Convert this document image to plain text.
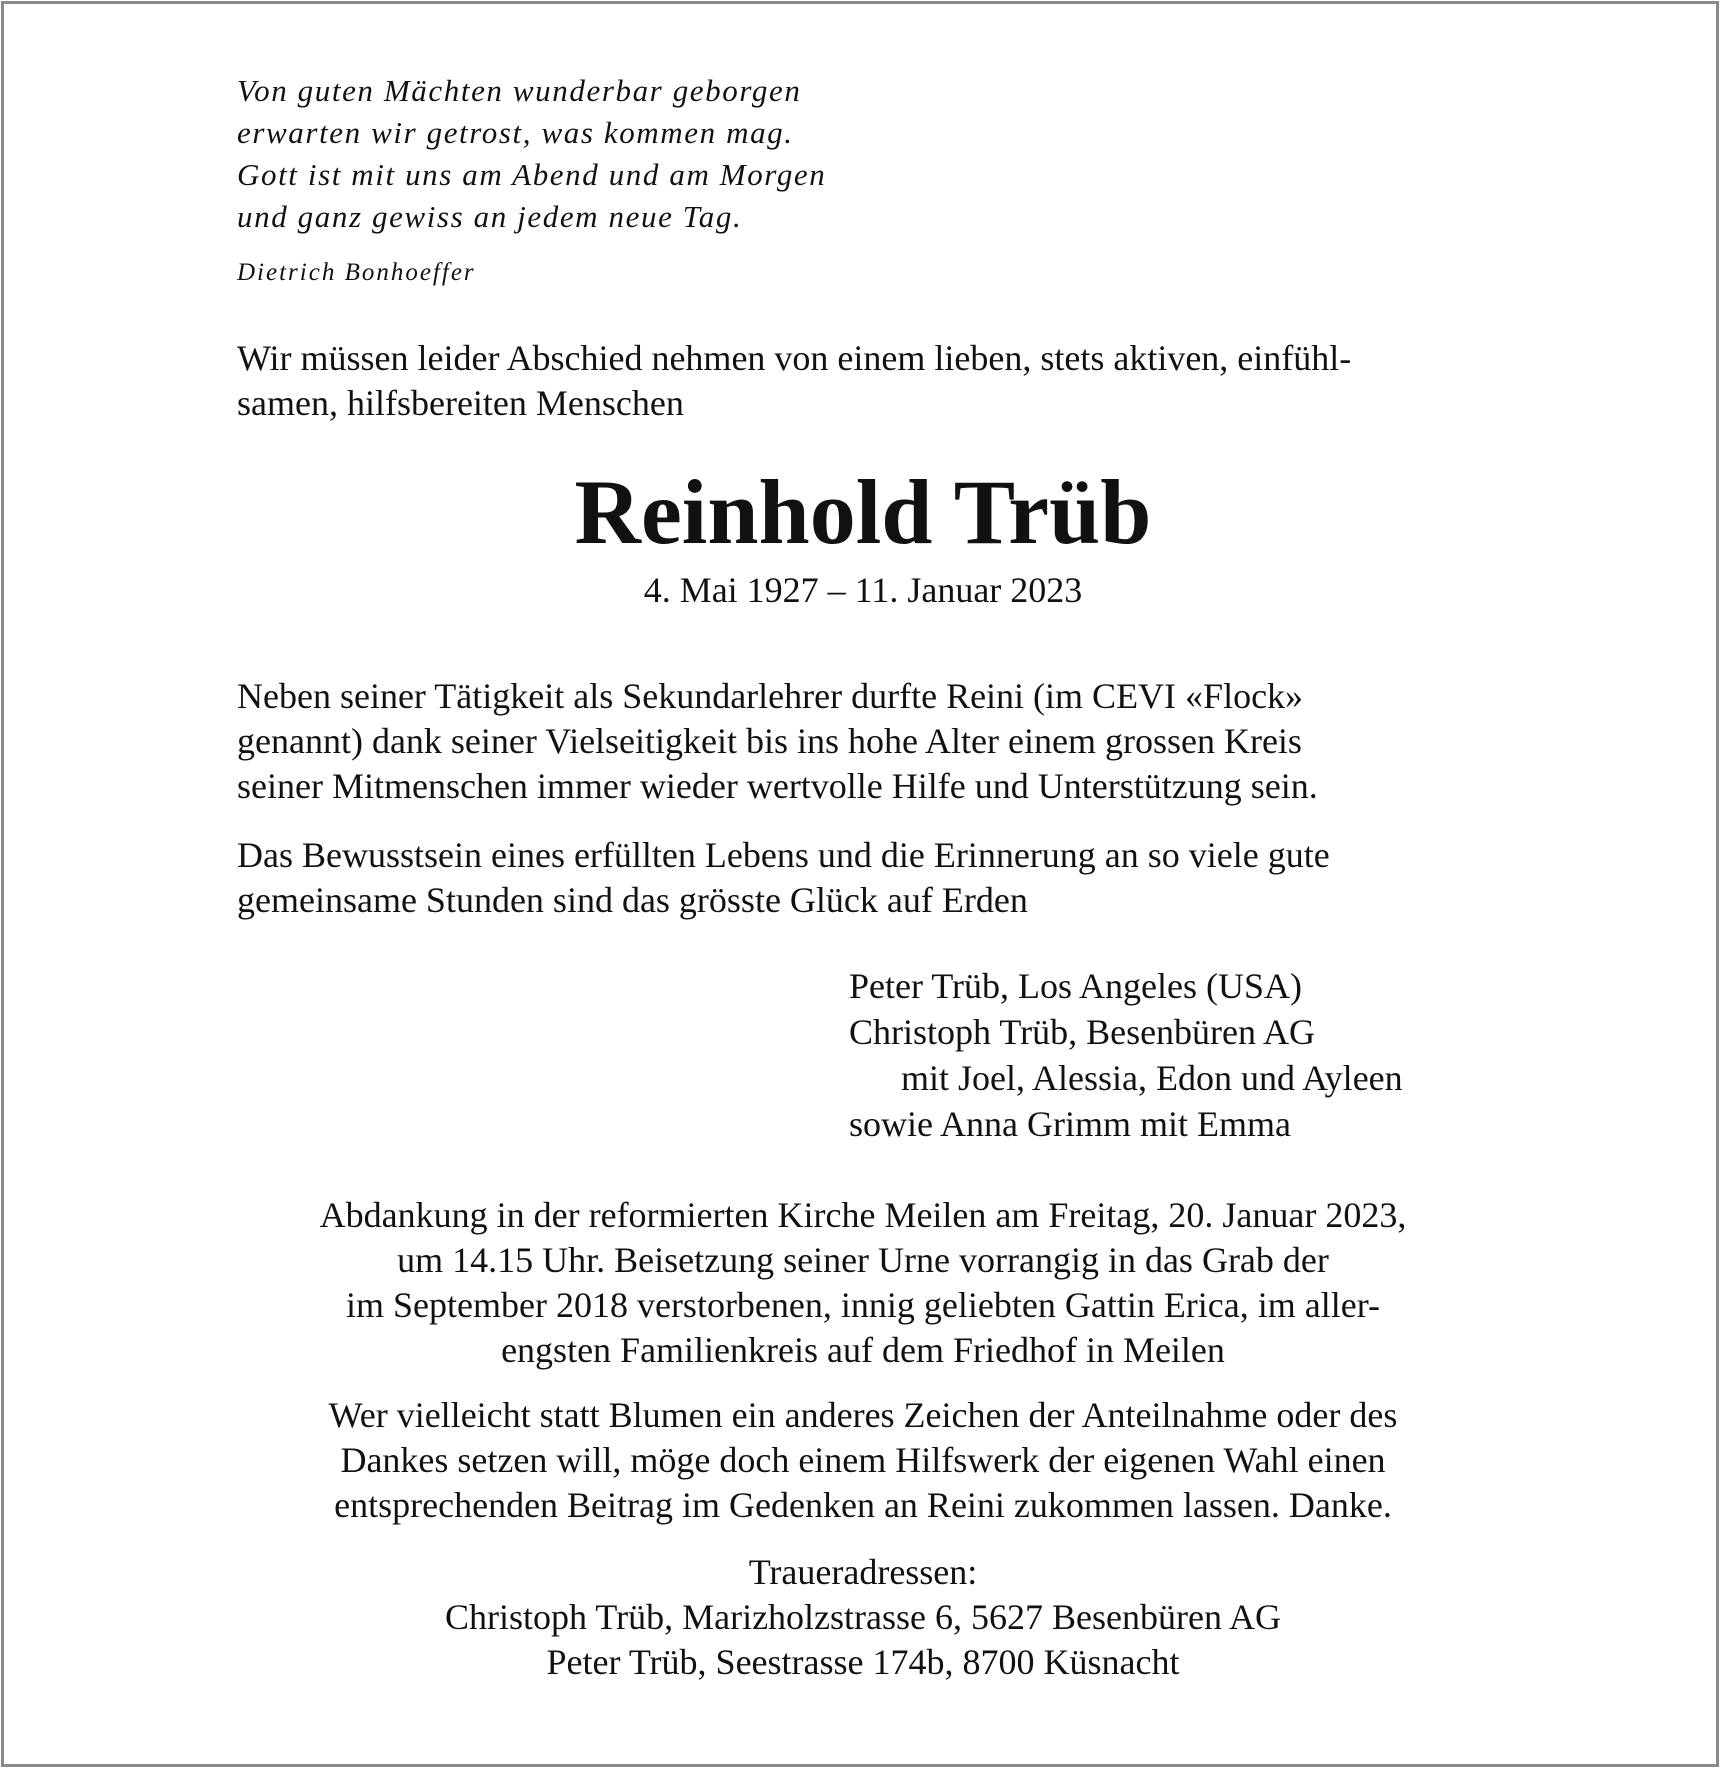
Von guten Mächten wunderbar geborgen
erwarten wir getrost, was kommen mag.
Gott ist mit uns am Abend und am Morgen
und ganz gewiss an jedem neue Tag.
Dietrich Bonhoeffer
Wir müssen leider Abschied nehmen von einem lieben, stets aktiven, einfühl-
samen, hilfsbereiten Menschen
Reinhold Trüb
4. Mai 1927 – 11. Januar 2023
Neben seiner Tätigkeit als Sekundarlehrer durfte Reini (im CEVI «Flock»
genannt) dank seiner Vielseitigkeit bis ins hohe Alter einem grossen Kreis
seiner Mitmenschen immer wieder wertvolle Hilfe und Unterstützung sein.
Das Bewusstsein eines erfüllten Lebens und die Erinnerung an so viele gute
gemeinsame Stunden sind das grösste Glück auf Erden
Peter Trüb, Los Angeles (USA)
Christoph Trüb, Besenbüren AG
mit Joel, Alessia, Edon und Ayleen
sowie Anna Grimm mit Emma
Abdankung in der reformierten Kirche Meilen am Freitag, 20. Januar 2023,
um 14.15 Uhr. Beisetzung seiner Urne vorrangig in das Grab der
im September 2018 verstorbenen, innig geliebten Gattin Erica, im aller-
engsten Familienkreis auf dem Friedhof in Meilen
Wer vielleicht statt Blumen ein anderes Zeichen der Anteilnahme oder des
Dankes setzen will, möge doch einem Hilfswerk der eigenen Wahl einen
entsprechenden Beitrag im Gedenken an Reini zukommen lassen. Danke.
Traueradressen:
Christoph Trüb, Marizholzstrasse 6, 5627 Besenbüren AG
Peter Trüb, Seestrasse 174b, 8700 Küsnacht
